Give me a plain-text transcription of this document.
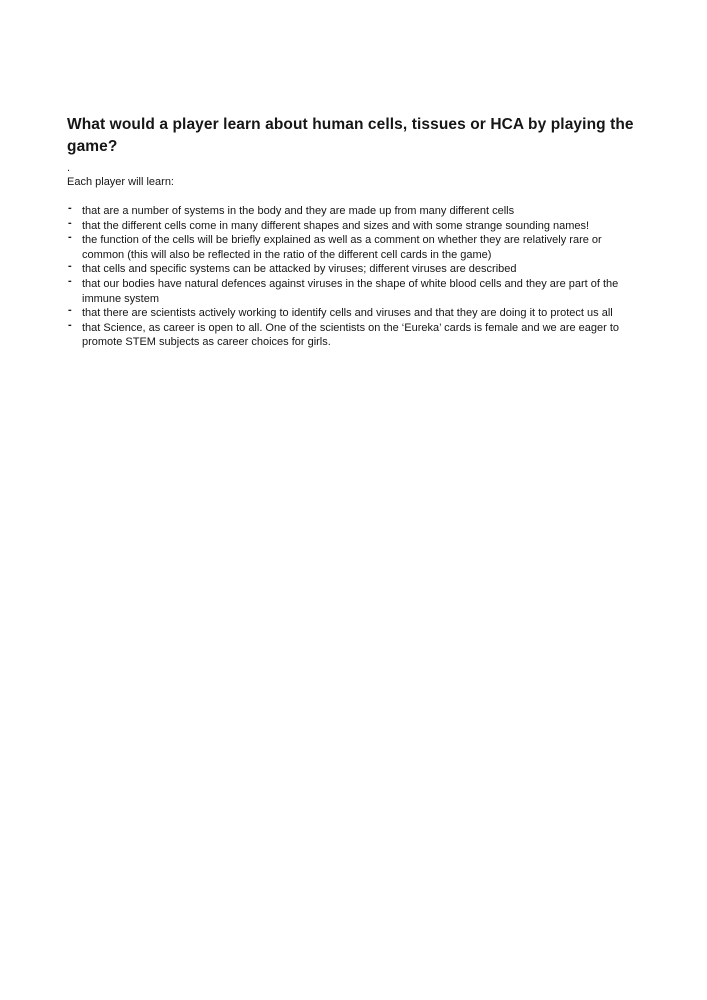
What would a player learn about human cells, tissues or HCA by playing the game?
.
Each player will learn:
- that are a number of systems in the body and they are made up from many different cells
- that the different cells come in many different shapes and sizes and with some strange sounding names!
- the function of the cells will be briefly explained as well as a comment on whether they are relatively rare or common (this will also be reflected in the ratio of the different cell cards in the game)
- that cells and specific systems can be attacked by viruses; different viruses are described
- that our bodies have natural defences against viruses in the shape of white blood cells and they are part of the immune system
- that there are scientists actively working to identify cells and viruses and that they are doing it to protect us all
- that Science, as career is open to all. One of the scientists on the ‘Eureka’ cards is female and we are eager to promote STEM subjects as career choices for girls.
